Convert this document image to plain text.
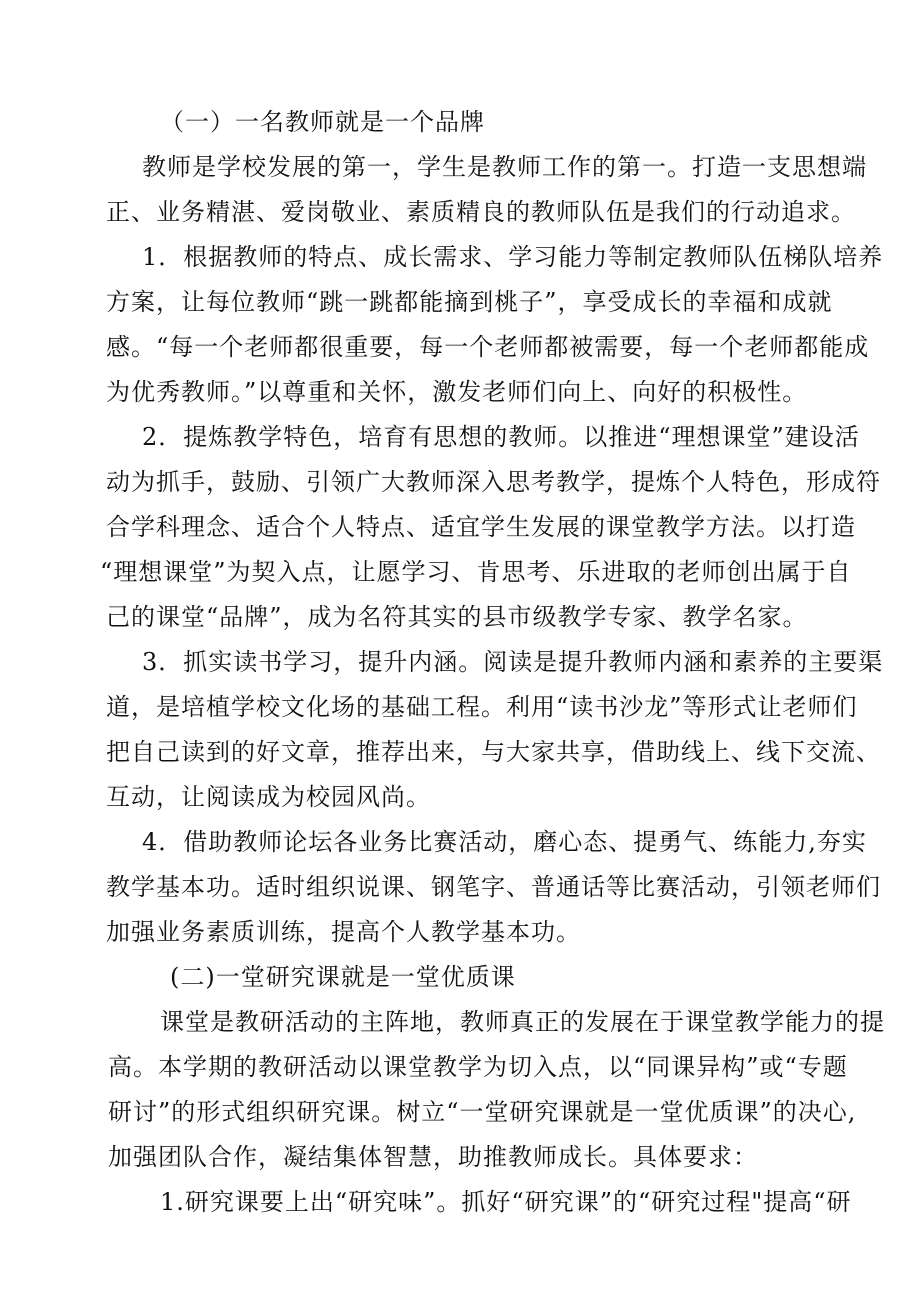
（一）一名教师就是一个品牌
教师是学校发展的第一，学生是教师工作的第一。打造一支思想端
正、业务精湛、爱岗敬业、素质精良的教师队伍是我们的行动追求。
1．根据教师的特点、成长需求、学习能力等制定教师队伍梯队培养
方案，让每位教师“跳一跳都能摘到桃子”，享受成长的幸福和成就
感。“每一个老师都很重要，每一个老师都被需要，每一个老师都能成
为优秀教师。”以尊重和关怀，激发老师们向上、向好的积极性。
2．提炼教学特色，培育有思想的教师。以推进“理想课堂”建设活
动为抓手，鼓励、引领广大教师深入思考教学，提炼个人特色，形成符
合学科理念、适合个人特点、适宜学生发展的课堂教学方法。以打造
“理想课堂”为契入点，让愿学习、肯思考、乐进取的老师创出属于自
己的课堂“品牌”，成为名符其实的县市级教学专家、教学名家。
3．抓实读书学习，提升内涵。阅读是提升教师内涵和素养的主要渠
道，是培植学校文化场的基础工程。利用“读书沙龙”等形式让老师们
把自己读到的好文章，推荐出来，与大家共享，借助线上、线下交流、
互动，让阅读成为校园风尚。
4．借助教师论坛各业务比赛活动，磨心态、提勇气、练能力,夯实
教学基本功。适时组织说课、钢笔字、普通话等比赛活动，引领老师们
加强业务素质训练，提高个人教学基本功。
(二)一堂研究课就是一堂优质课
课堂是教研活动的主阵地，教师真正的发展在于课堂教学能力的提
高。本学期的教研活动以课堂教学为切入点，以“同课异构”或“专题
研讨”的形式组织研究课。树立“一堂研究课就是一堂优质课”的决心,
加强团队合作，凝结集体智慧，助推教师成长。具体要求：
1.研究课要上出“研究味”。抓好“研究课”的“研究过程"提高“研
